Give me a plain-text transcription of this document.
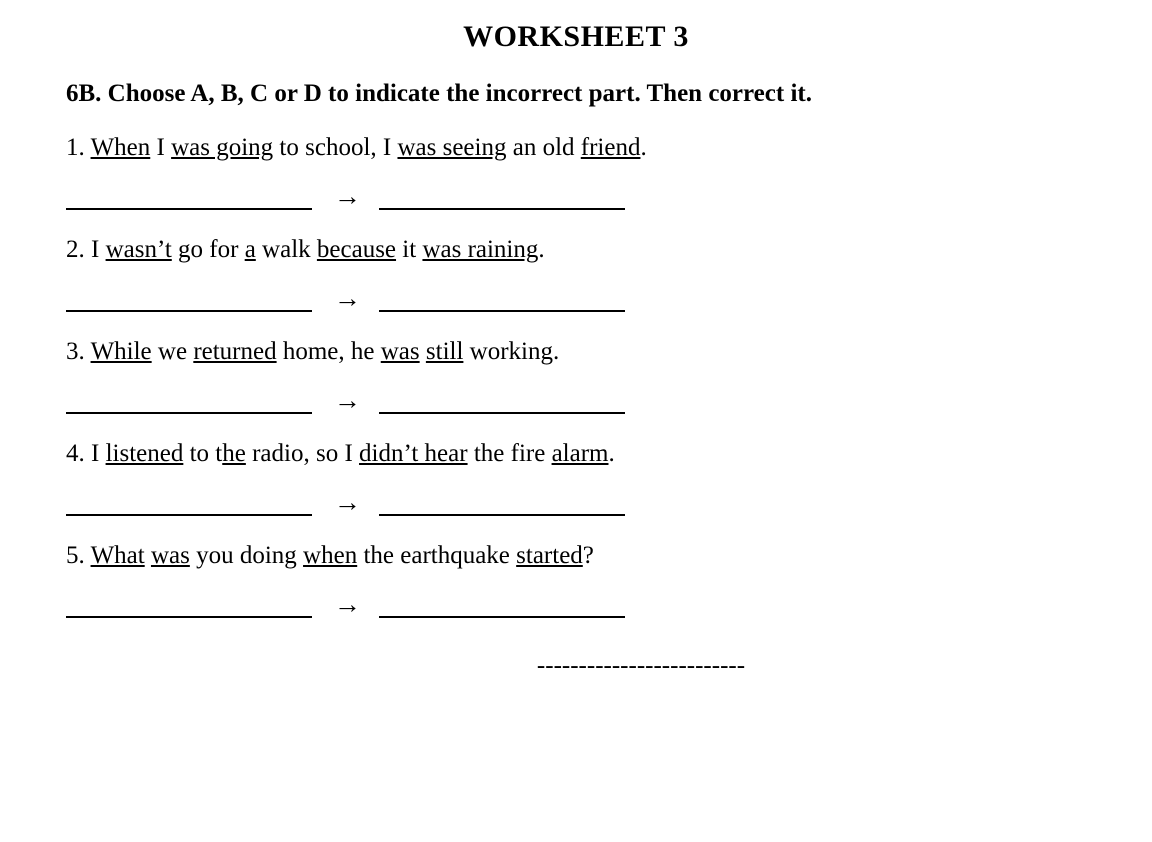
WORKSHEET 3
6B. Choose A, B, C or D to indicate the incorrect part. Then correct it.
1. When I was going to school, I was seeing an old friend.
→
2. I wasn’t go for a walk because it was raining.
→
3. While we returned home, he was still working.
→
4. I listened to the radio, so I didn’t hear the fire alarm.
→
5. What was you doing when the earthquake started?
→
-------------------------
